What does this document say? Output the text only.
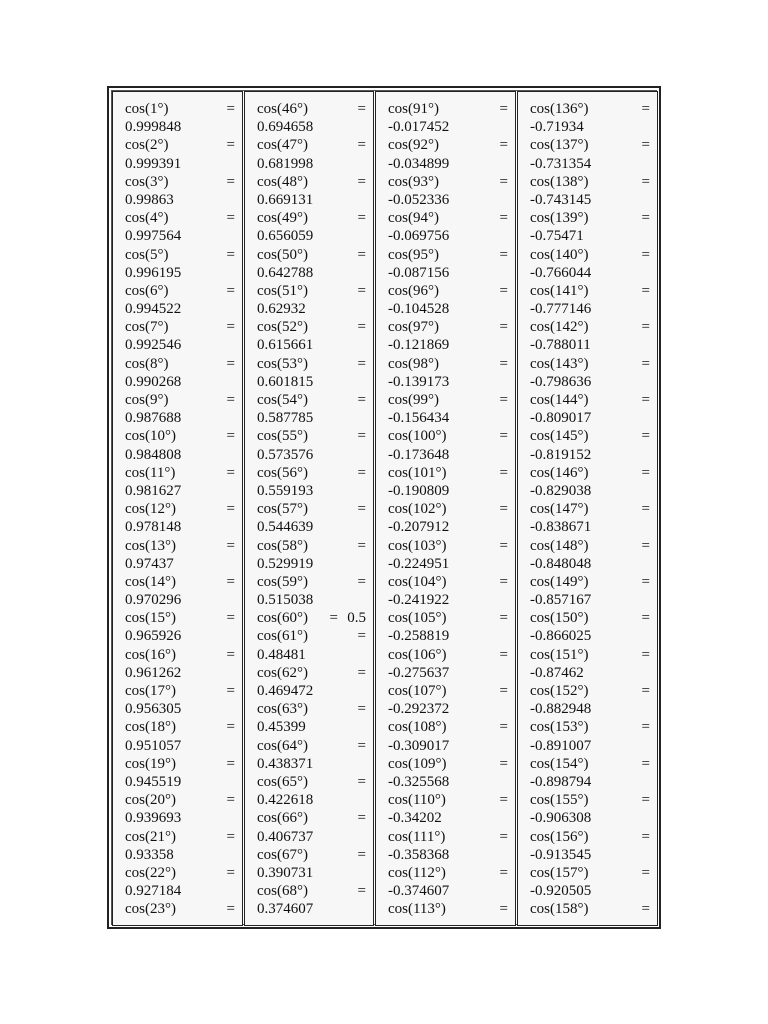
cos(1°)	=
0.999848
cos(2°)	=
0.999391
cos(3°)	=
0.99863
cos(4°)	=
0.997564
cos(5°)	=
0.996195
cos(6°)	=
0.994522
cos(7°)	=
0.992546
cos(8°)	=
0.990268
cos(9°)	=
0.987688
cos(10°)	=
0.984808
cos(11°)	=
0.981627
cos(12°)	=
0.978148
cos(13°)	=
0.97437
cos(14°)	=
0.970296
cos(15°)	=
0.965926
cos(16°)	=
0.961262
cos(17°)	=
0.956305
cos(18°)	=
0.951057
cos(19°)	=
0.945519
cos(20°)	=
0.939693
cos(21°)	=
0.93358
cos(22°)	=
0.927184
cos(23°)	=
cos(46°)	=
0.694658
cos(47°)	=
0.681998
cos(48°)	=
0.669131
cos(49°)	=
0.656059
cos(50°)	=
0.642788
cos(51°)	=
0.62932
cos(52°)	=
0.615661
cos(53°)	=
0.601815
cos(54°)	=
0.587785
cos(55°)	=
0.573576
cos(56°)	=
0.559193
cos(57°)	=
0.544639
cos(58°)	=
0.529919
cos(59°)	=
0.515038
cos(60°) = 0.5
cos(61°)	=
0.48481
cos(62°)	=
0.469472
cos(63°)	=
0.45399
cos(64°)	=
0.438371
cos(65°)	=
0.422618
cos(66°)	=
0.406737
cos(67°)	=
0.390731
cos(68°)	=
0.374607
cos(91°)	=
-0.017452
cos(92°)	=
-0.034899
cos(93°)	=
-0.052336
cos(94°)	=
-0.069756
cos(95°)	=
-0.087156
cos(96°)	=
-0.104528
cos(97°)	=
-0.121869
cos(98°)	=
-0.139173
cos(99°)	=
-0.156434
cos(100°)	=
-0.173648
cos(101°)	=
-0.190809
cos(102°)	=
-0.207912
cos(103°)	=
-0.224951
cos(104°)	=
-0.241922
cos(105°)	=
-0.258819
cos(106°)	=
-0.275637
cos(107°)	=
-0.292372
cos(108°)	=
-0.309017
cos(109°)	=
-0.325568
cos(110°)	=
-0.34202
cos(111°)	=
-0.358368
cos(112°)	=
-0.374607
cos(113°)	=
cos(136°)	=
-0.71934
cos(137°)	=
-0.731354
cos(138°)	=
-0.743145
cos(139°)	=
-0.75471
cos(140°)	=
-0.766044
cos(141°)	=
-0.777146
cos(142°)	=
-0.788011
cos(143°)	=
-0.798636
cos(144°)	=
-0.809017
cos(145°)	=
-0.819152
cos(146°)	=
-0.829038
cos(147°)	=
-0.838671
cos(148°)	=
-0.848048
cos(149°)	=
-0.857167
cos(150°)	=
-0.866025
cos(151°)	=
-0.87462
cos(152°)	=
-0.882948
cos(153°)	=
-0.891007
cos(154°)	=
-0.898794
cos(155°)	=
-0.906308
cos(156°)	=
-0.913545
cos(157°)	=
-0.920505
cos(158°)	=
